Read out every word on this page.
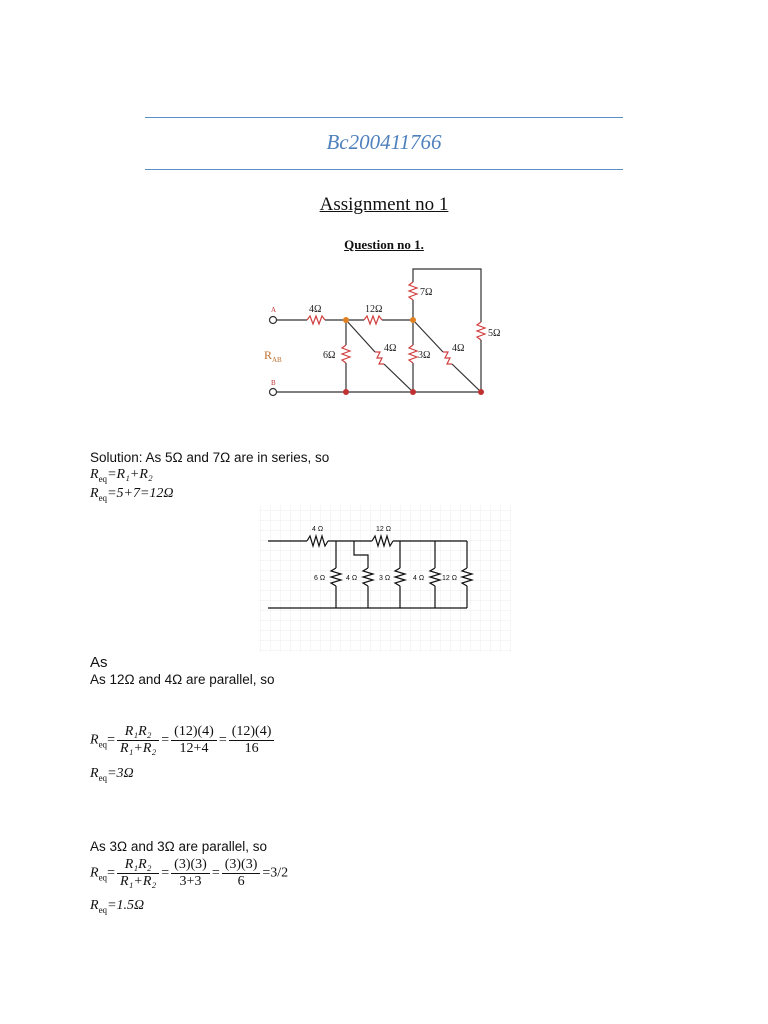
Bc200411766
Assignment no 1
Question no 1.
A
B
R AB
4Ω	12Ω
7Ω
6Ω
4Ω
3Ω
4Ω
5Ω
Solution: As 5Ω and 7Ω are in series, so
$R_{eq}=R_1+R_2$
$R_{eq}=5+7=12\Omega$
4 Ω	12 Ω
6 Ω	4 Ω	3 Ω	4 Ω	12 Ω
As
As 12Ω and 4Ω are parallel, so
$R_{eq}= \frac{\text{R₁R₂}}{\text{R₁+R₂}} = \frac{(12)(4)}{12+4} = \frac{(12)(4)}{16}$
$R_{eq}=3\Omega$
As 3Ω and 3Ω are parallel, so
$R_{eq}= \frac{\text{R₁R₂}}{\text{R₁+R₂}} = \frac{(3)(3)}{3+3} = \frac{(3)(3)}{6} =3/2$
$R_{eq}=1.5\Omega$
